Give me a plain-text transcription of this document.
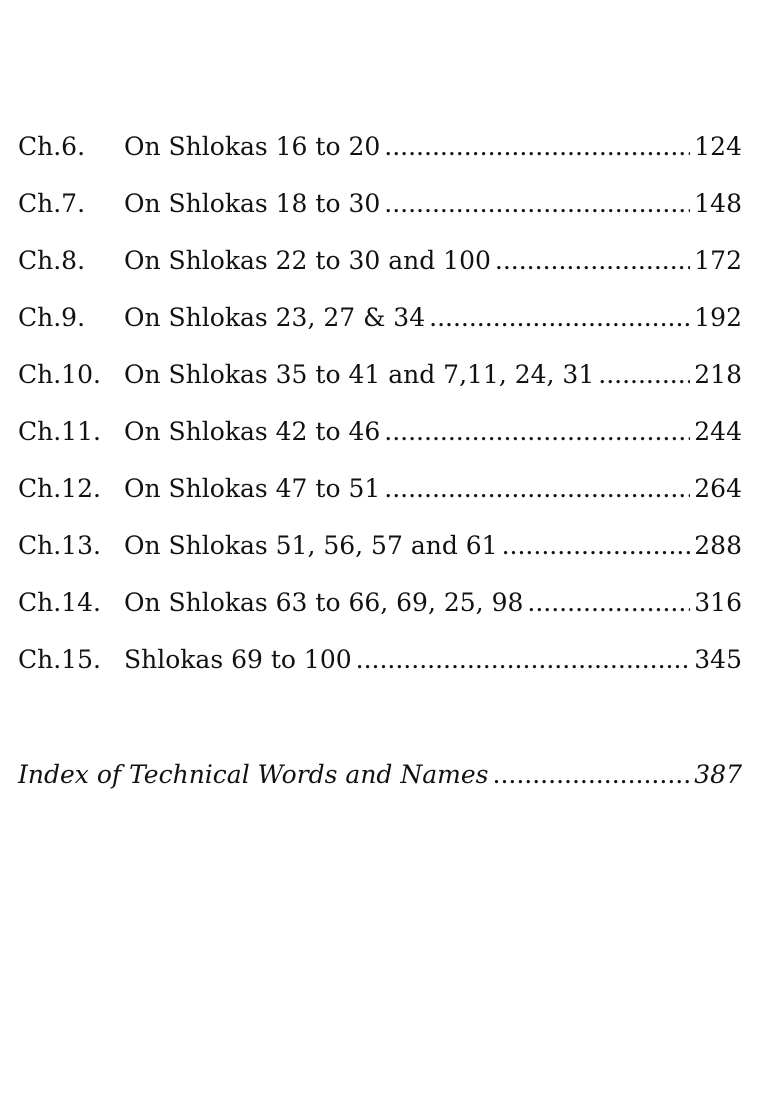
Ch.6.	On Shlokas 16 to 20 .....	124
Ch.7.	On Shlokas 18 to 30 .....	148
Ch.8.	On Shlokas 22 to 30 and 100 .....	172
Ch.9.	On Shlokas 23, 27 & 34 .....	192
Ch.10. On Shlokas 35 to 41 and 7,11, 24, 31 .....	218
Ch.11. On Shlokas 42 to 46 .....	244
Ch.12. On Shlokas 47 to 51 .....	264
Ch.13. On Shlokas 51, 56, 57 and 61 .....	288
Ch.14. On Shlokas 63 to 66, 69, 25, 98 .....	316
Ch.15. Shlokas 69 to 100 .....	345
Index of Technical Words and Names .....	387
